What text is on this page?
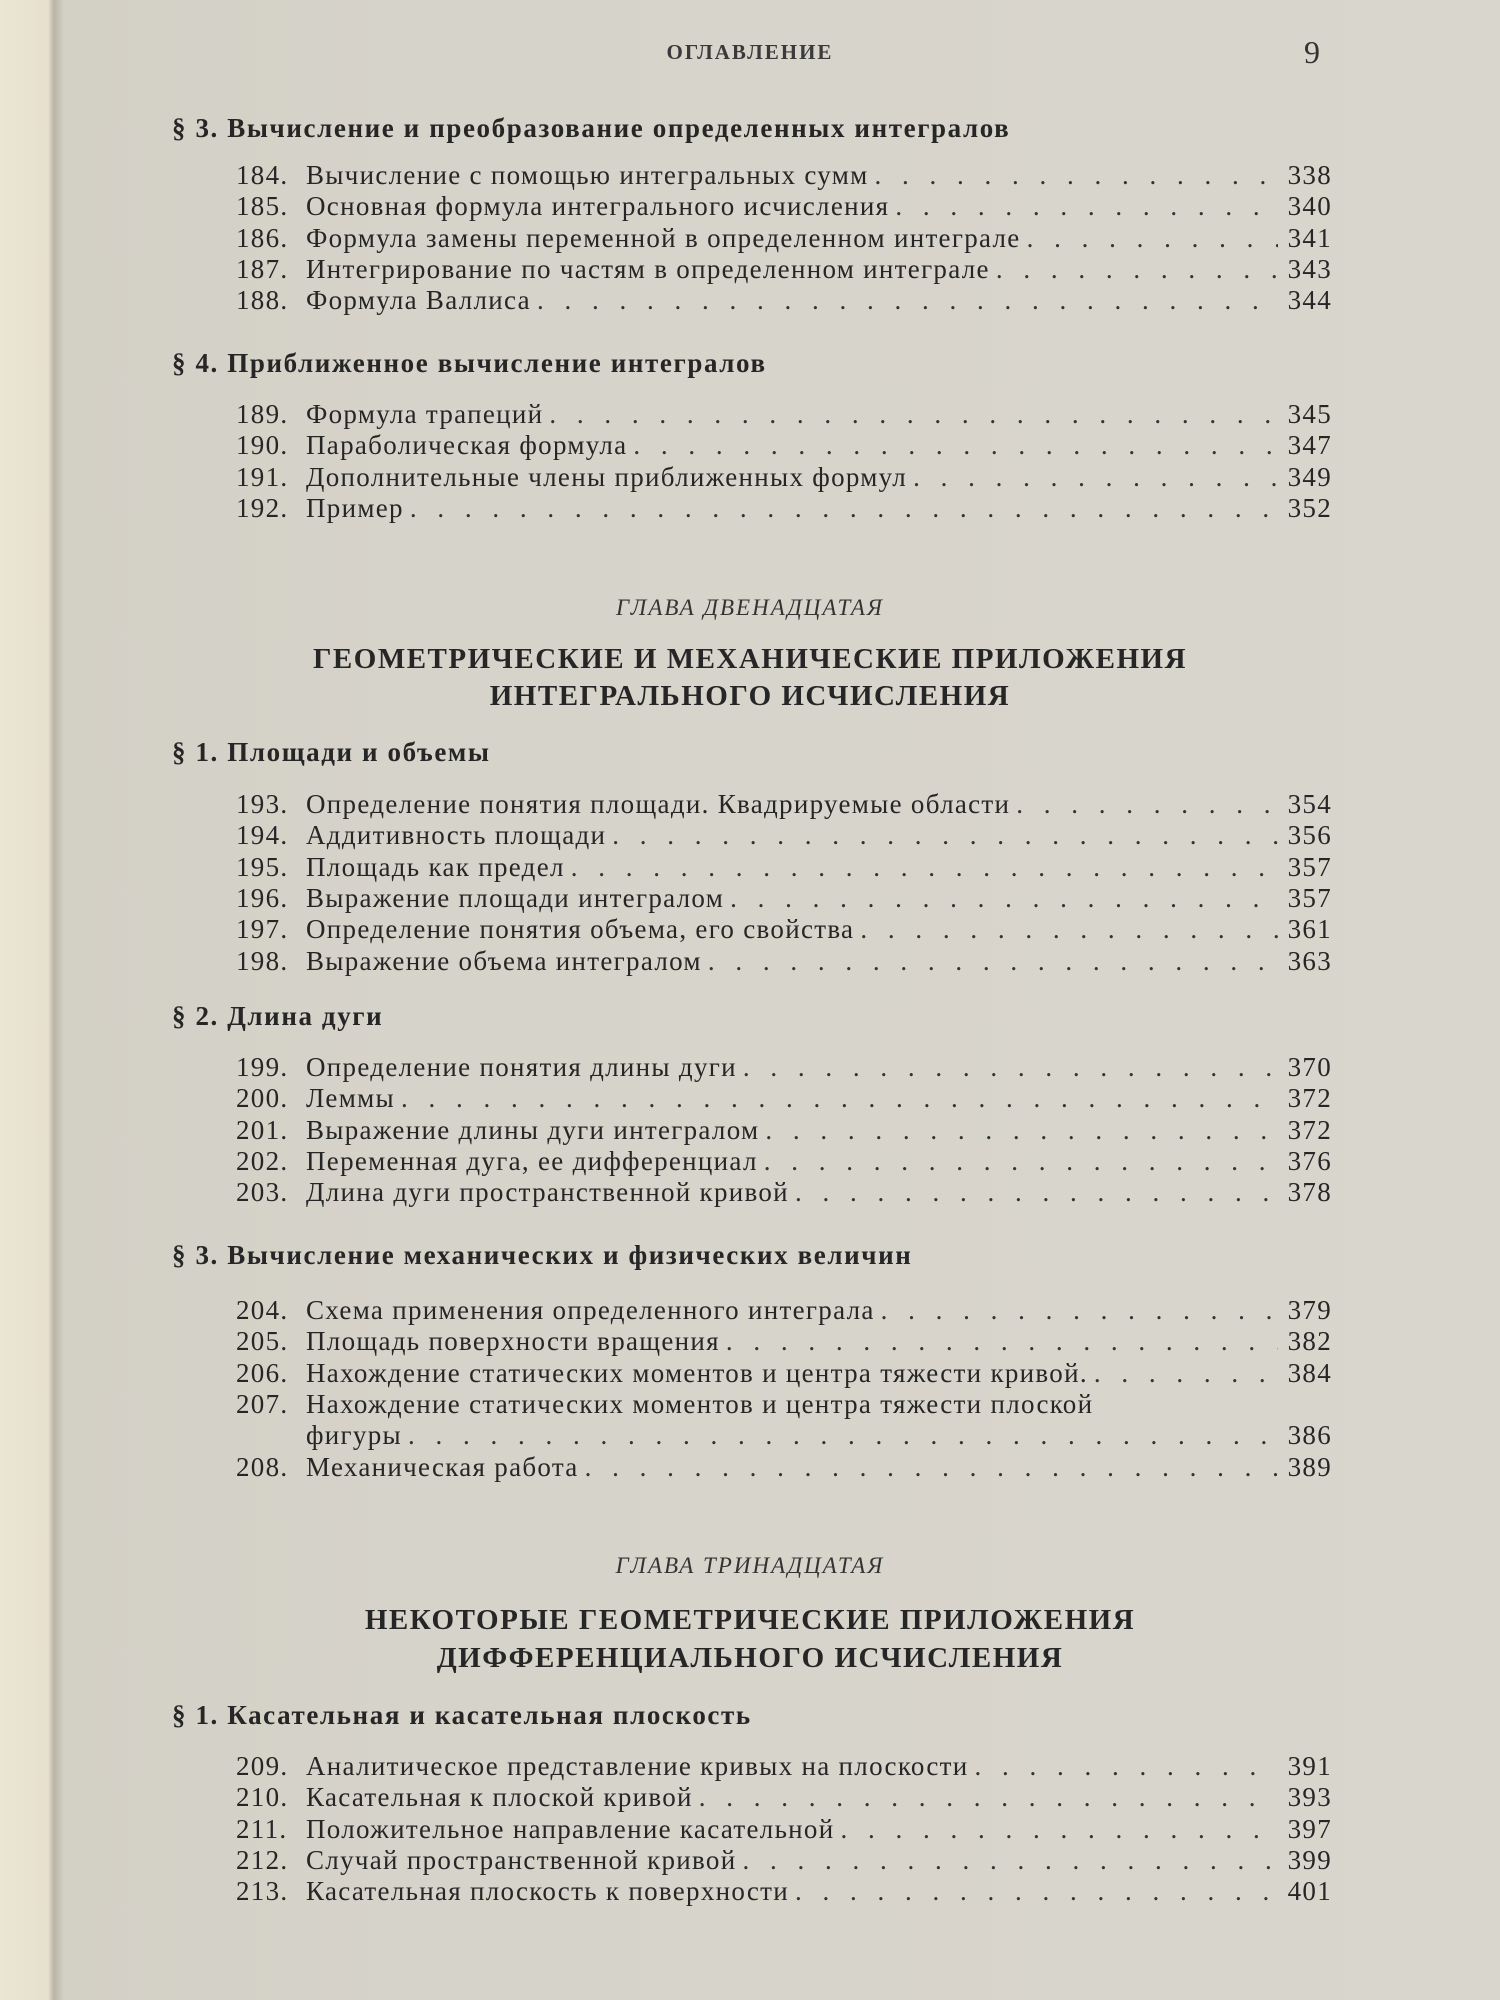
ОГЛАВЛЕНИЕ	9
§ 3. Вычисление и преобразование определенных интегралов
184. Вычисление с помощью интегральных сумм . . .	338
185. Основная формула интегрального исчисления . . .	340
186. Формула замены переменной в определенном интеграле . . .	341
187. Интегрирование по частям в определенном интеграле . . .	343
188. Формула Валлиса . . .	344
§ 4. Приближенное вычисление интегралов
189. Формула трапеций . . .	345
190. Параболическая формула . . .	347
191. Дополнительные члены приближенных формул . . .	349
192. Пример . . .	352
ГЛАВА ДВЕНАДЦАТАЯ
ГЕОМЕТРИЧЕСКИЕ И МЕХАНИЧЕСКИЕ ПРИЛОЖЕНИЯ
ИНТЕГРАЛЬНОГО ИСЧИСЛЕНИЯ
§ 1. Площади и объемы
193. Определение понятия площади. Квадрируемые области . . .	354
194. Аддитивность площади . . .	356
195. Площадь как предел . . .	357
196. Выражение площади интегралом . . .	357
197. Определение понятия объема, его свойства . . .	361
198. Выражение объема интегралом . . .	363
§ 2. Длина дуги
199. Определение понятия длины дуги . . .	370
200. Леммы . . .	372
201. Выражение длины дуги интегралом . . .	372
202. Переменная дуга, ее дифференциал . . .	376
203. Длина дуги пространственной кривой . . .	378
§ 3. Вычисление механических и физических величин
204. Схема применения определенного интеграла . . .	379
205. Площадь поверхности вращения . . .	382
206. Нахождение статических моментов и центра тяжести кривой. . . .	384
207. Нахождение статических моментов и центра тяжести плоской
фигуры . . .	386
208. Механическая работа . . .	389
ГЛАВА ТРИНАДЦАТАЯ
НЕКОТОРЫЕ ГЕОМЕТРИЧЕСКИЕ ПРИЛОЖЕНИЯ
ДИФФЕРЕНЦИАЛЬНОГО ИСЧИСЛЕНИЯ
§ 1. Касательная и касательная плоскость
209. Аналитическое представление кривых на плоскости . . .	391
210. Касательная к плоской кривой . . .	393
211. Положительное направление касательной . . .	397
212. Случай пространственной кривой . . .	399
213. Касательная плоскость к поверхности . . .	401
